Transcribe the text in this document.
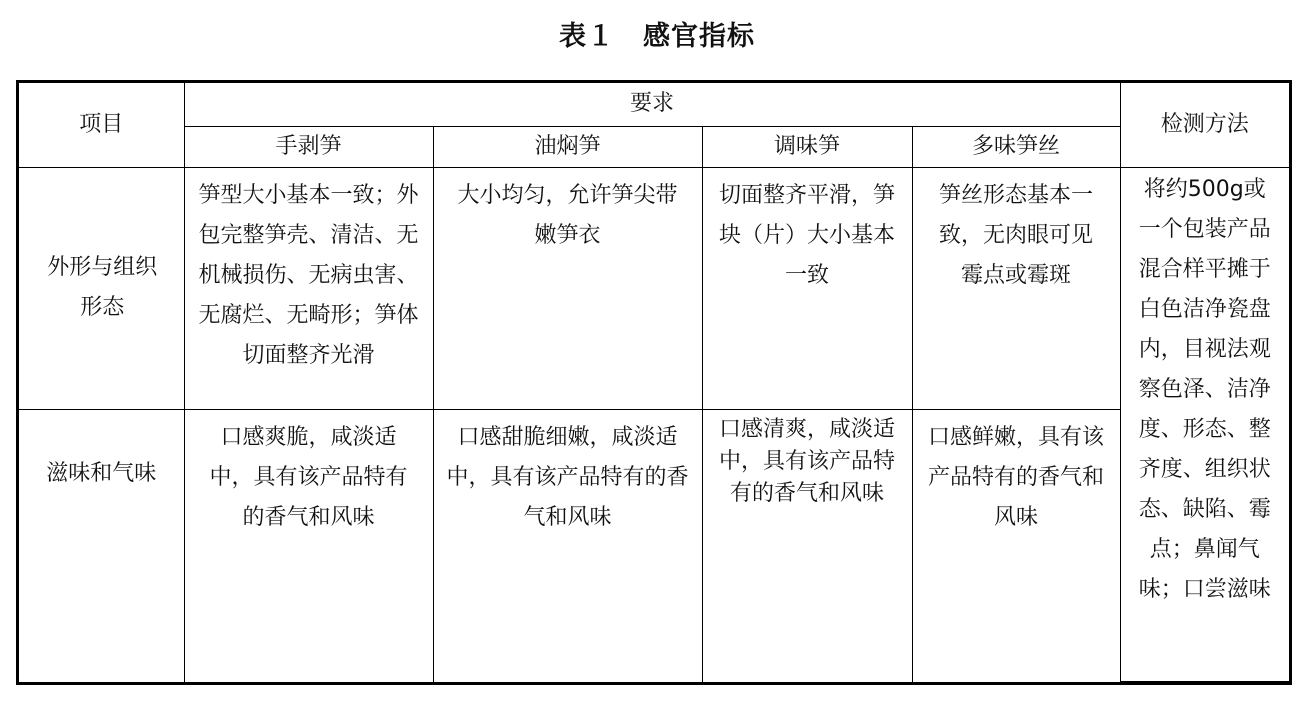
表１　感官指标
项目	要求				检测方法
	手剥笋	油焖笋	调味笋	多味笋丝	
外形与组织形态	笋型大小基本一致；外包完整笋壳、清洁、无机械损伤、无病虫害、无腐烂、无畸形；笋体切面整齐光滑	大小均匀，允许笋尖带嫩笋衣	切面整齐平滑，笋块（片）大小基本一致	笋丝形态基本一致，无肉眼可见霉点或霉斑	将约500g或一个包装产品混合样平摊于白色洁净瓷盘内，目视法观察色泽、洁净度、形态、整齐度、组织状态、缺陷、霉点；鼻闻气味；口尝滋味
滋味和气味	口感爽脆，咸淡适中，具有该产品特有的香气和风味	口感甜脆细嫩，咸淡适中，具有该产品特有的香气和风味	口感清爽，咸淡适中，具有该产品特有的香气和风味	口感鲜嫩，具有该产品特有的香气和风味	
